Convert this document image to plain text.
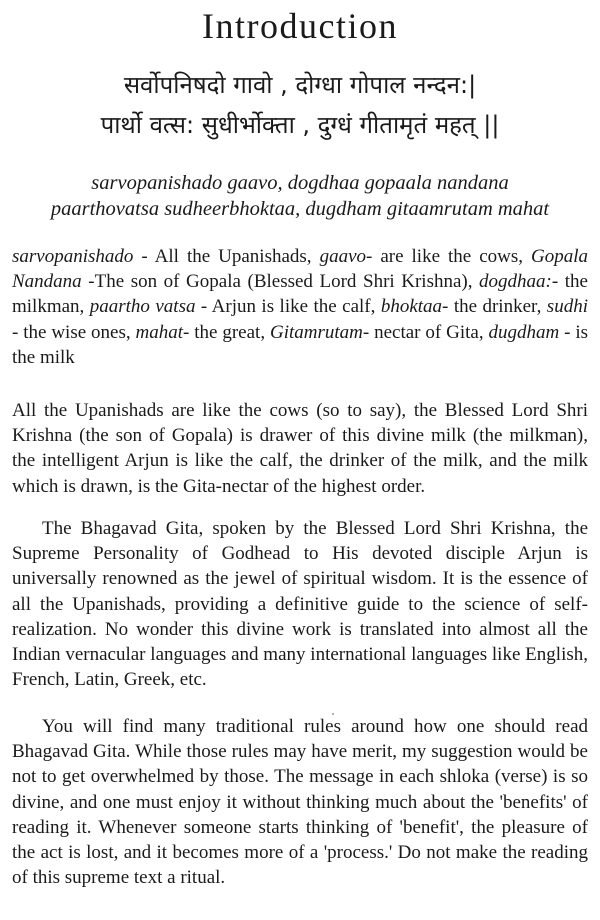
Introduction
सर्वोपनिषदो गावो , दोग्धा गोपाल नन्दन:|
पार्थो वत्स: सुधीर्भोक्ता , दुग्धं गीतामृतं महत् ||
sarvopanishado gaavo, dogdhaa gopaala nandana
paarthovatsa sudheerbhoktaa, dugdham gitaamrutam mahat
sarvopanishado - All the Upanishads, gaavo- are like the cows, Gopala Nandana -The son of Gopala (Blessed Lord Shri Krishna), dogdhaa:- the milkman, paartho vatsa - Arjun is like the calf, bhoktaa- the drinker, sudhi - the wise ones, mahat- the great, Gitamrutam- nectar of Gita, dugdham - is the milk
All the Upanishads are like the cows (so to say), the Blessed Lord Shri Krishna (the son of Gopala) is drawer of this divine milk (the milkman), the intelligent Arjun is like the calf, the drinker of the milk, and the milk which is drawn, is the Gita-nectar of the highest order.
The Bhagavad Gita, spoken by the Blessed Lord Shri Krishna, the Supreme Personality of Godhead to His devoted disciple Arjun is universally renowned as the jewel of spiritual wisdom. It is the essence of all the Upanishads, providing a definitive guide to the science of self-realization. No wonder this divine work is translated into almost all the Indian vernacular languages and many international languages like English, French, Latin, Greek, etc.
You will find many traditional rules around how one should read Bhagavad Gita. While those rules may have merit, my suggestion would be not to get overwhelmed by those. The message in each shloka (verse) is so divine, and one must enjoy it without thinking much about the 'benefits' of reading it. Whenever someone starts thinking of 'benefit', the pleasure of the act is lost, and it becomes more of a 'process.' Do not make the reading of this supreme text a ritual.
